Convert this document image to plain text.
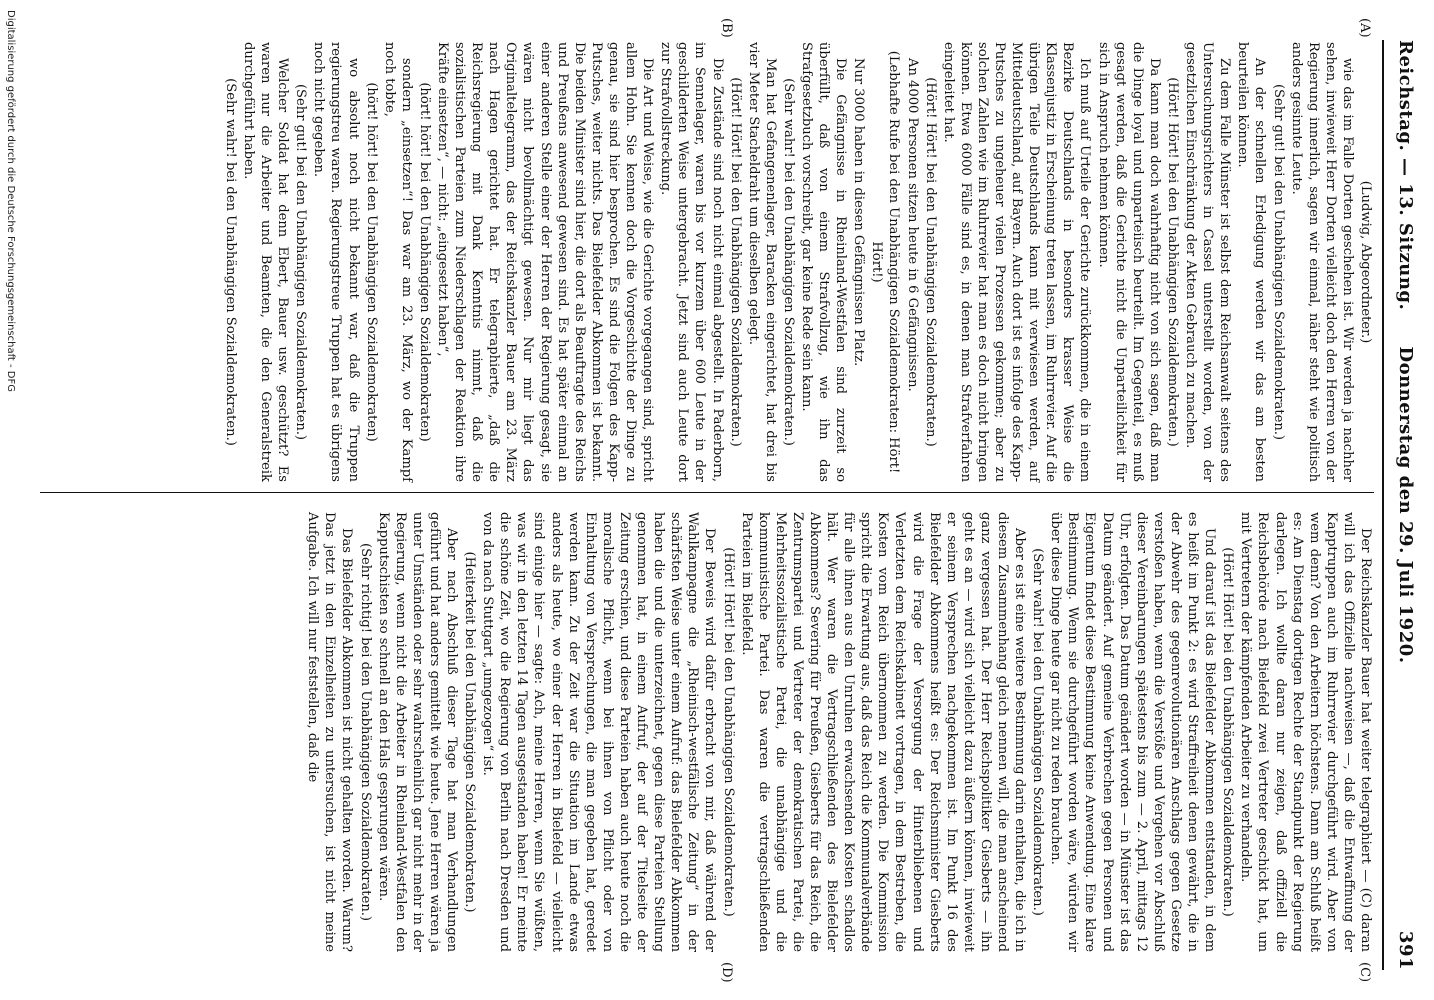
Reichstag. — 13. Sitzung.
Donnerstag den 29. Juli 1920.
391

(Ludwig, Abgeordneter.)

wie das im Falle Dorten geschehen ist. Wir werden ja nachher sehen, inwieweit Herr Dorten vielleicht doch den Herren von der Regierung innerlich, sagen wir einmal, näher steht wie politisch anders gesinnte Leute.

(Sehr gut! bei den Unabhängigen Sozialdemokraten.)

An der schnellen Erledigung werden wir das am besten beurteilen können.

Zu dem Falle Münster ist selbst dem Reichsanwalt seitens des Untersuchungsrichters in Cassel unterstellt worden, von der gesetzlichen Einschränkung der Akten Gebrauch zu machen.

(Hört! Hört! bei den Unabhängigen Sozialdemokraten.)

Da kann man doch wahrhaftig nicht von sich sagen, daß man die Dinge loyal und unparteiisch beurteilt. Im Gegenteil, es muß gesagt werden, daß die Gerichte nicht die Unparteilichkeit für sich in Anspruch nehmen können.

Ich muß auf Urteile der Gerichte zurückkommen, die in einem Bezirke Deutschlands in besonders krasser Weise die Klassenjustiz in Erscheinung treten lassen, im Ruhrrevier. Auf die übrigen Teile Deutschlands kann mit verwiesen werden, auf Mitteldeutschland, auf Bayern. Auch dort ist es infolge des Kapp-Putsches zu ungeheuer vielen Prozessen gekommen; aber zu solchen Zahlen wie im Ruhrrevier hat man es doch nicht bringen können. Etwa 6000 Fälle sind es, in denen man Strafverfahren eingeleitet hat.

(Hört! Hört! bei den Unabhängigen Sozialdemokraten.)

An 4000 Personen sitzen heute in 6 Gefängnissen.

(Lebhafte Rufe bei den Unabhängigen Sozialdemokraten: Hört! Hört!)

Nur 3000 haben in diesen Gefängnissen Platz.

Die Gefängnisse in Rheinland-Westfalen sind zurzeit so überfüllt, daß von einem Strafvollzug, wie ihn das Strafgesetzbuch vorschreibt, gar keine Rede sein kann.

(Sehr wahr! bei den Unabhängigen Sozialdemokraten.)

Man hat Gefangenenlager, Baracken eingerichtet, hat drei bis vier Meter Stacheldraht um dieselben gelegt.

(Hört! Hört! bei den Unabhängigen Sozialdemokraten.)

Die Zustände sind noch nicht einmal abgestellt. In Paderborn, im Sennelager, waren bis vor kurzem über 600 Leute in der geschilderten Weise untergebracht. Jetzt sind auch Leute dort zur Strafvollstreckung.

Die Art und Weise, wie die Gerichte vorgegangen sind, spricht allem Hohn. Sie kennen doch die Vorgeschichte der Dinge zu genau, sie sind hier besprochen. Es sind die Folgen des Kapp-Putsches, weiter nichts. Das Bielefelder Abkommen ist bekannt. Die beiden Minister sind hier, die dort als Beauftragte des Reichs und Preußens anwesend gewesen sind. Es hat später einmal an einer anderen Stelle einer der Herren der Regierung gesagt, sie wären nicht bevollmächtigt gewesen. Nur mir liegt das Originaltelegramm, das der Reichskanzler Bauer am 23. März nach Hagen gerichtet hat. Er telegraphierte, „daß die Reichsregierung mit Dank Kenntnis nimmt, daß die sozialistischen Parteien zum Niederschlagen der Reaktion ihre Kräfte einsetzen“, — nicht: „eingesetzt haben“,

(hört! hört! bei den Unabhängigen Sozialdemokraten)

sondern „einsetzen“! Das war am 23. März, wo der Kampf noch tobte,

(hört! hört! bei den Unabhängigen Sozialdemokraten)

wo absolut noch nicht bekannt war, daß die Truppen regierungstreu waren. Regierungstreue Truppen hat es übrigens noch nicht gegeben.

(Sehr gut! bei den Unabhängigen Sozialdemokraten.)

Welcher Soldat hat denn Ebert, Bauer usw. geschützt? Es waren nur die Arbeiter und Beamten, die den Generalstreik durchgeführt haben.

(Sehr wahr! bei den Unabhängigen Sozialdemokraten.)

Der Reichskanzler Bauer hat weiter telegraphiert — (C) daran will ich das Offizielle nachweisen —, daß die Entwaffnung der Kapptruppen auch im Ruhrrevier durchgeführt wird. Aber von wem denn? Von den Arbeitern höchstens. Dann am Schluß heißt es: Am Dienstag dortigen Rechte der Standpunkt der Regierung darlegen. Ich wollte daran nur zeigen, daß offiziell die Reichsbehörde nach Bielefeld zwei Vertreter geschickt hat, um mit Vertretern der kämpfenden Arbeiter zu verhandeln.

(Hört! Hört! bei den Unabhängigen Sozialdemokraten.)

Und darauf ist das Bielefelder Abkommen entstanden, in dem es heißt im Punkt 2: es wird Straffreiheit denen gewährt, die in der Abwehr des gegenrevolutionären Anschlags gegen Gesetze verstoßen haben, wenn die Verstöße und Vergehen vor Abschluß dieser Vereinbarungen spätestens bis zum — 2. April, mittags 12 Uhr, erfolgten. Das Datum geändert worden — in Münster ist das Datum geändert. Auf gemeine Verbrechen gegen Personen und Eigentum findet diese Bestimmung keine Anwendung. Eine klare Bestimmung. Wenn sie durchgeführt worden wäre, würden wir über diese Dinge heute gar nicht zu reden brauchen.

(Sehr wahr! bei den Unabhängigen Sozialdemokraten.)

Aber es ist eine weitere Bestimmung darin enthalten, die ich in diesem Zusammenhang gleich nennen will, die man anscheinend ganz vergessen hat. Der Herr Reichspolitiker Giesberts — ihn geht es an — wird sich vielleicht dazu äußern können, inwieweit er seinem Versprechen nachgekommen ist. Im Punkt 16 des Bielefelder Abkommens heißt es: Der Reichsminister Giesberts wird die Frage der Versorgung der Hinterbliebenen und Verletzten dem Reichskabinett vortragen, in dem Bestreben, die Kosten vom Reich übernommen zu werden. Die Kommission spricht die Erwartung aus, daß das Reich die Kommunalverbände für alle ihnen aus den Unruhen erwachsenden Kosten schadlos hält. Wer waren die Vertragschließenden des Bielefelder Abkommens? Severing für Preußen, Giesberts für das Reich, die Zentrumspartei und Vertreter der demokratischen Partei, die Mehrheitssozialistische Partei, die unabhängige und die kommunistische Partei. Das waren die vertragschließenden Parteien im Bielefeld.

(Hört! Hört! bei den Unabhängigen Sozialdemokraten.)

Der Beweis wird dafür erbracht von mir, daß während der Wahlkampagne die „Rheinisch-westfälische Zeitung“ in der schärfsten Weise unter einem Aufruf: das Bielefelder Abkommen haben die und die unterzeichnet, gegen diese Parteien Stellung genommen hat, in einem Aufruf, der auf der Titelseite der Zeitung erschien, und diese Parteien haben auch heute noch die moralische Pflicht, wenn bei ihnen von Pflicht oder von Einhaltung von Versprechungen, die man gegeben hat, geredet werden kann. Zu der Zeit war die Situation im Lande etwas anders als heute, wo einer der Herren in Bielefeld — vielleicht sind einige hier — sagte: Ach, meine Herren, wenn Sie wüßten, was wir in den letzten 14 Tagen ausgestanden haben! Er meinte die schöne Zeit, wo die Regierung von Berlin nach Dresden und von da nach Stuttgart „umgezogen“ ist.

(Heiterkeit bei den Unabhängigen Sozialdemokraten.)

Aber nach Abschluß dieser Tage hat man Verhandlungen geführt und hat anders gemittelt wie heute. Jene Herren wären ja unter Umständen oder sehr wahrscheinlich gar nicht mehr in der Regierung, wenn nicht die Arbeiter in Rheinland-Westfalen den Kapputschisten so schnell an den Hals gesprungen wären.

(Sehr richtig! bei den Unabhängigen Sozialdemokraten.)

Das Bielefelder Abkommen ist nicht gehalten worden. Warum? Das jetzt in den Einzelheiten zu untersuchen, ist nicht meine Aufgabe. Ich will nur feststellen, daß die

(A)
(B)
(C)
(D)
Digitalisierung gefördert durch die Deutsche Forschungsgemeinschaft - DFG
